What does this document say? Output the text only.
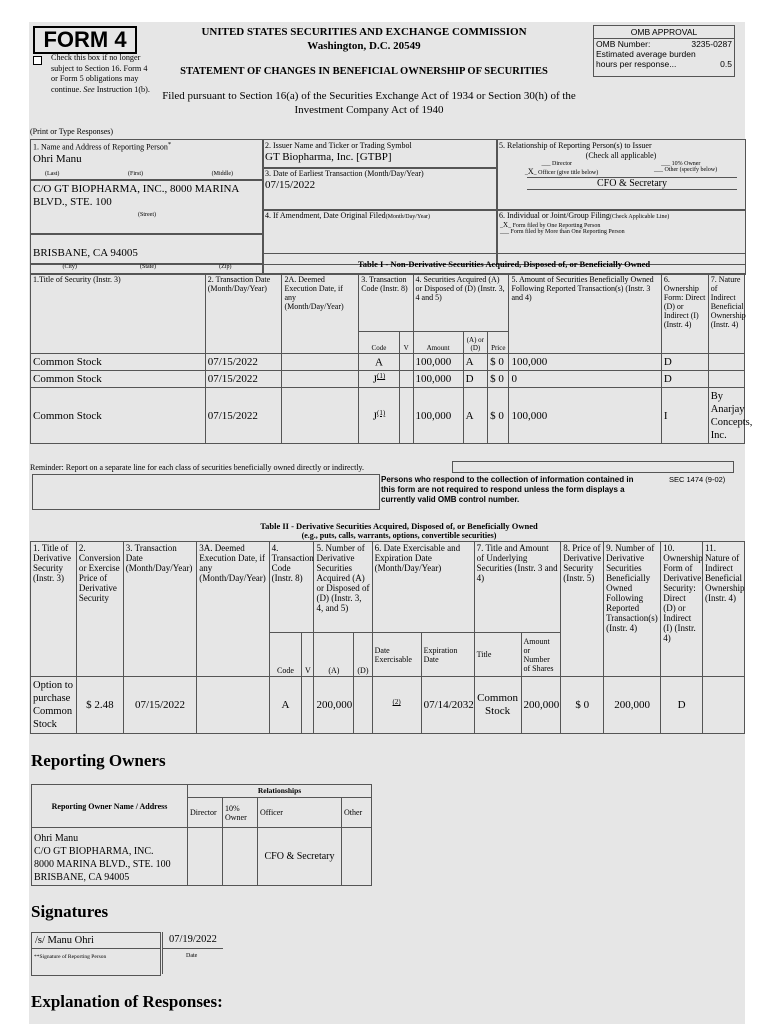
FORM 4
Check this box if no longer subject to Section 16. Form 4 or Form 5 obligations may continue. See Instruction 1(b).
UNITED STATES SECURITIES AND EXCHANGE COMMISSION
Washington, D.C. 20549
STATEMENT OF CHANGES IN BENEFICIAL OWNERSHIP OF SECURITIES
Filed pursuant to Section 16(a) of the Securities Exchange Act of 1934 or Section 30(h) of the Investment Company Act of 1940
OMB APPROVAL
OMB Number:	3235-0287
Estimated average burden
hours per response...	0.5
(Print or Type Responses)
1. Name and Address of Reporting Person*
Ohri Manu
(Last)	(First)	(Middle)
C/O GT BIOPHARMA, INC., 8000 MARINA BLVD., STE. 100
(Street)
BRISBANE, CA 94005
(City)	(State)	(Zip)
2. Issuer Name and Ticker or Trading Symbol
GT Biopharma, Inc. [GTBP]
3. Date of Earliest Transaction (Month/Day/Year)
07/15/2022
4. If Amendment, Date Original Filed(Month/Day/Year)
5. Relationship of Reporting Person(s) to Issuer
(Check all applicable)
___ Director	___ 10% Owner
_X_ Officer (give title below)	___ Other (specify below)
CFO & Secretary
6. Individual or Joint/Group Filing(Check Applicable Line)
_X_ Form filed by One Reporting Person
___ Form filed by More than One Reporting Person
Table I - Non-Derivative Securities Acquired, Disposed of, or Beneficially Owned
1.Title of Security (Instr. 3)	2. Transaction Date (Month/Day/Year)	2A. Deemed Execution Date, if any (Month/Day/Year)	3. Transaction Code (Instr. 8)		4. Securities Acquired (A) or Disposed of (D) (Instr. 3, 4 and 5)			5. Amount of Securities Beneficially Owned Following Reported Transaction(s) (Instr. 3 and 4)	6. Ownership Form: Direct (D) or Indirect (I) (Instr. 4)	7. Nature of Indirect Beneficial Ownership (Instr. 4)
			Code	V	Amount	(A) or (D)	Price			
Common Stock	07/15/2022		A		100,000	A	$ 0	100,000	D	
Common Stock	07/15/2022		$J^{(1)}$		100,000	D	$ 0	0	D	
Common Stock	07/15/2022		$J^{(1)}$		100,000	A	$ 0	100,000	I	By Anarjay Concepts, Inc.
Reminder: Report on a separate line for each class of securities beneficially owned directly or indirectly.
Persons who respond to the collection of information contained in this form are not required to respond unless the form displays a currently valid OMB control number.
SEC 1474 (9-02)
Table II - Derivative Securities Acquired, Disposed of, or Beneficially Owned
(e.g., puts, calls, warrants, options, convertible securities)
1. Title of Derivative Security (Instr. 3)	2. Conversion or Exercise Price of Derivative Security	3. Transaction Date (Month/Day/Year)	3A. Deemed Execution Date, if any (Month/Day/Year)	4. Transaction Code (Instr. 8)		5. Number of Derivative Securities Acquired (A) or Disposed of (D) (Instr. 3, 4, and 5)		6. Date Exercisable and Expiration Date (Month/Day/Year)		7. Title and Amount of Underlying Securities (Instr. 3 and 4)		8. Price of Derivative Security (Instr. 5)	9. Number of Derivative Securities Beneficially Owned Following Reported Transaction(s) (Instr. 4)	10. Ownership Form of Derivative Security: Direct (D) or Indirect (I) (Instr. 4)	11. Nature of Indirect Beneficial Ownership (Instr. 4)
				Code	V	(A)	(D)	Date Exercisable	Expiration Date	Title	Amount or Number of Shares				
Option to purchase Common Stock	$ 2.48	07/15/2022		A		200,000		$^{(2)}$	07/14/2032	Common Stock	200,000	$ 0	200,000	D	
Reporting Owners
Reporting Owner Name / Address	Relationships			
	Director	10% Owner	Officer	Other

Ohri Manu
C/O GT BIOPHARMA, INC.
8000 MARINA BLVD., STE. 100
BRISBANE, CA 94005			CFO & Secretary	
Signatures
/s/ Manu Ohri
**Signature of Reporting Person
07/19/2022
Date
Explanation of Responses:
